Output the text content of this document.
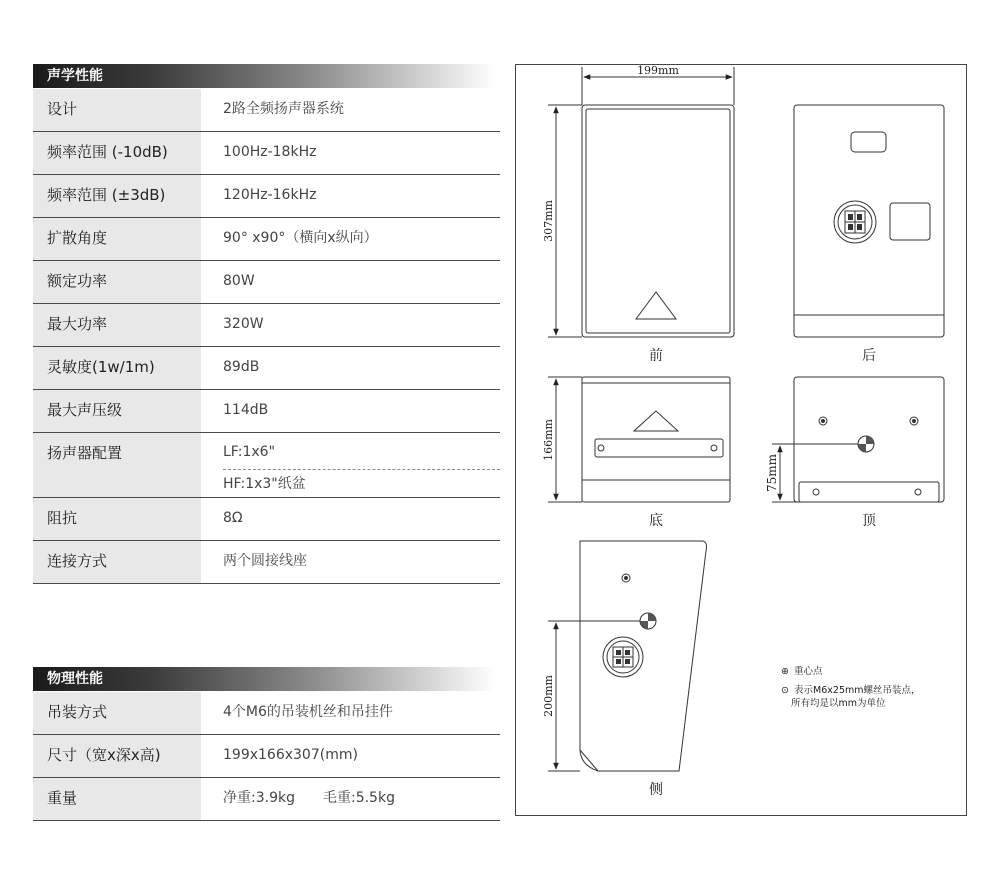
声学性能
设计	2路全频扬声器系统
频率范围 (-10dB)	100Hz-18kHz
频率范围 (±3dB)	120Hz-16kHz
扩散角度	90° x90°（横向x纵向）
额定功率	80W
最大功率	320W
灵敏度(1w/1m)	89dB
最大声压级	114dB
扬声器配置	LF:1x6"
HF:1x3"纸盆
阻抗	8Ω
连接方式	两个圆接线座
物理性能
吊装方式	4个M6的吊装机丝和吊挂件
尺寸（宽x深x高)	199x166x307(mm)
重量	净重:3.9kg 毛重:5.5kg
199mm
307mm
166mm
75mm
200mm
前	后
底	顶
侧
⊕ 重心点
⊙ 表示M6x25mm螺丝吊装点，
所有均是以mm为单位
